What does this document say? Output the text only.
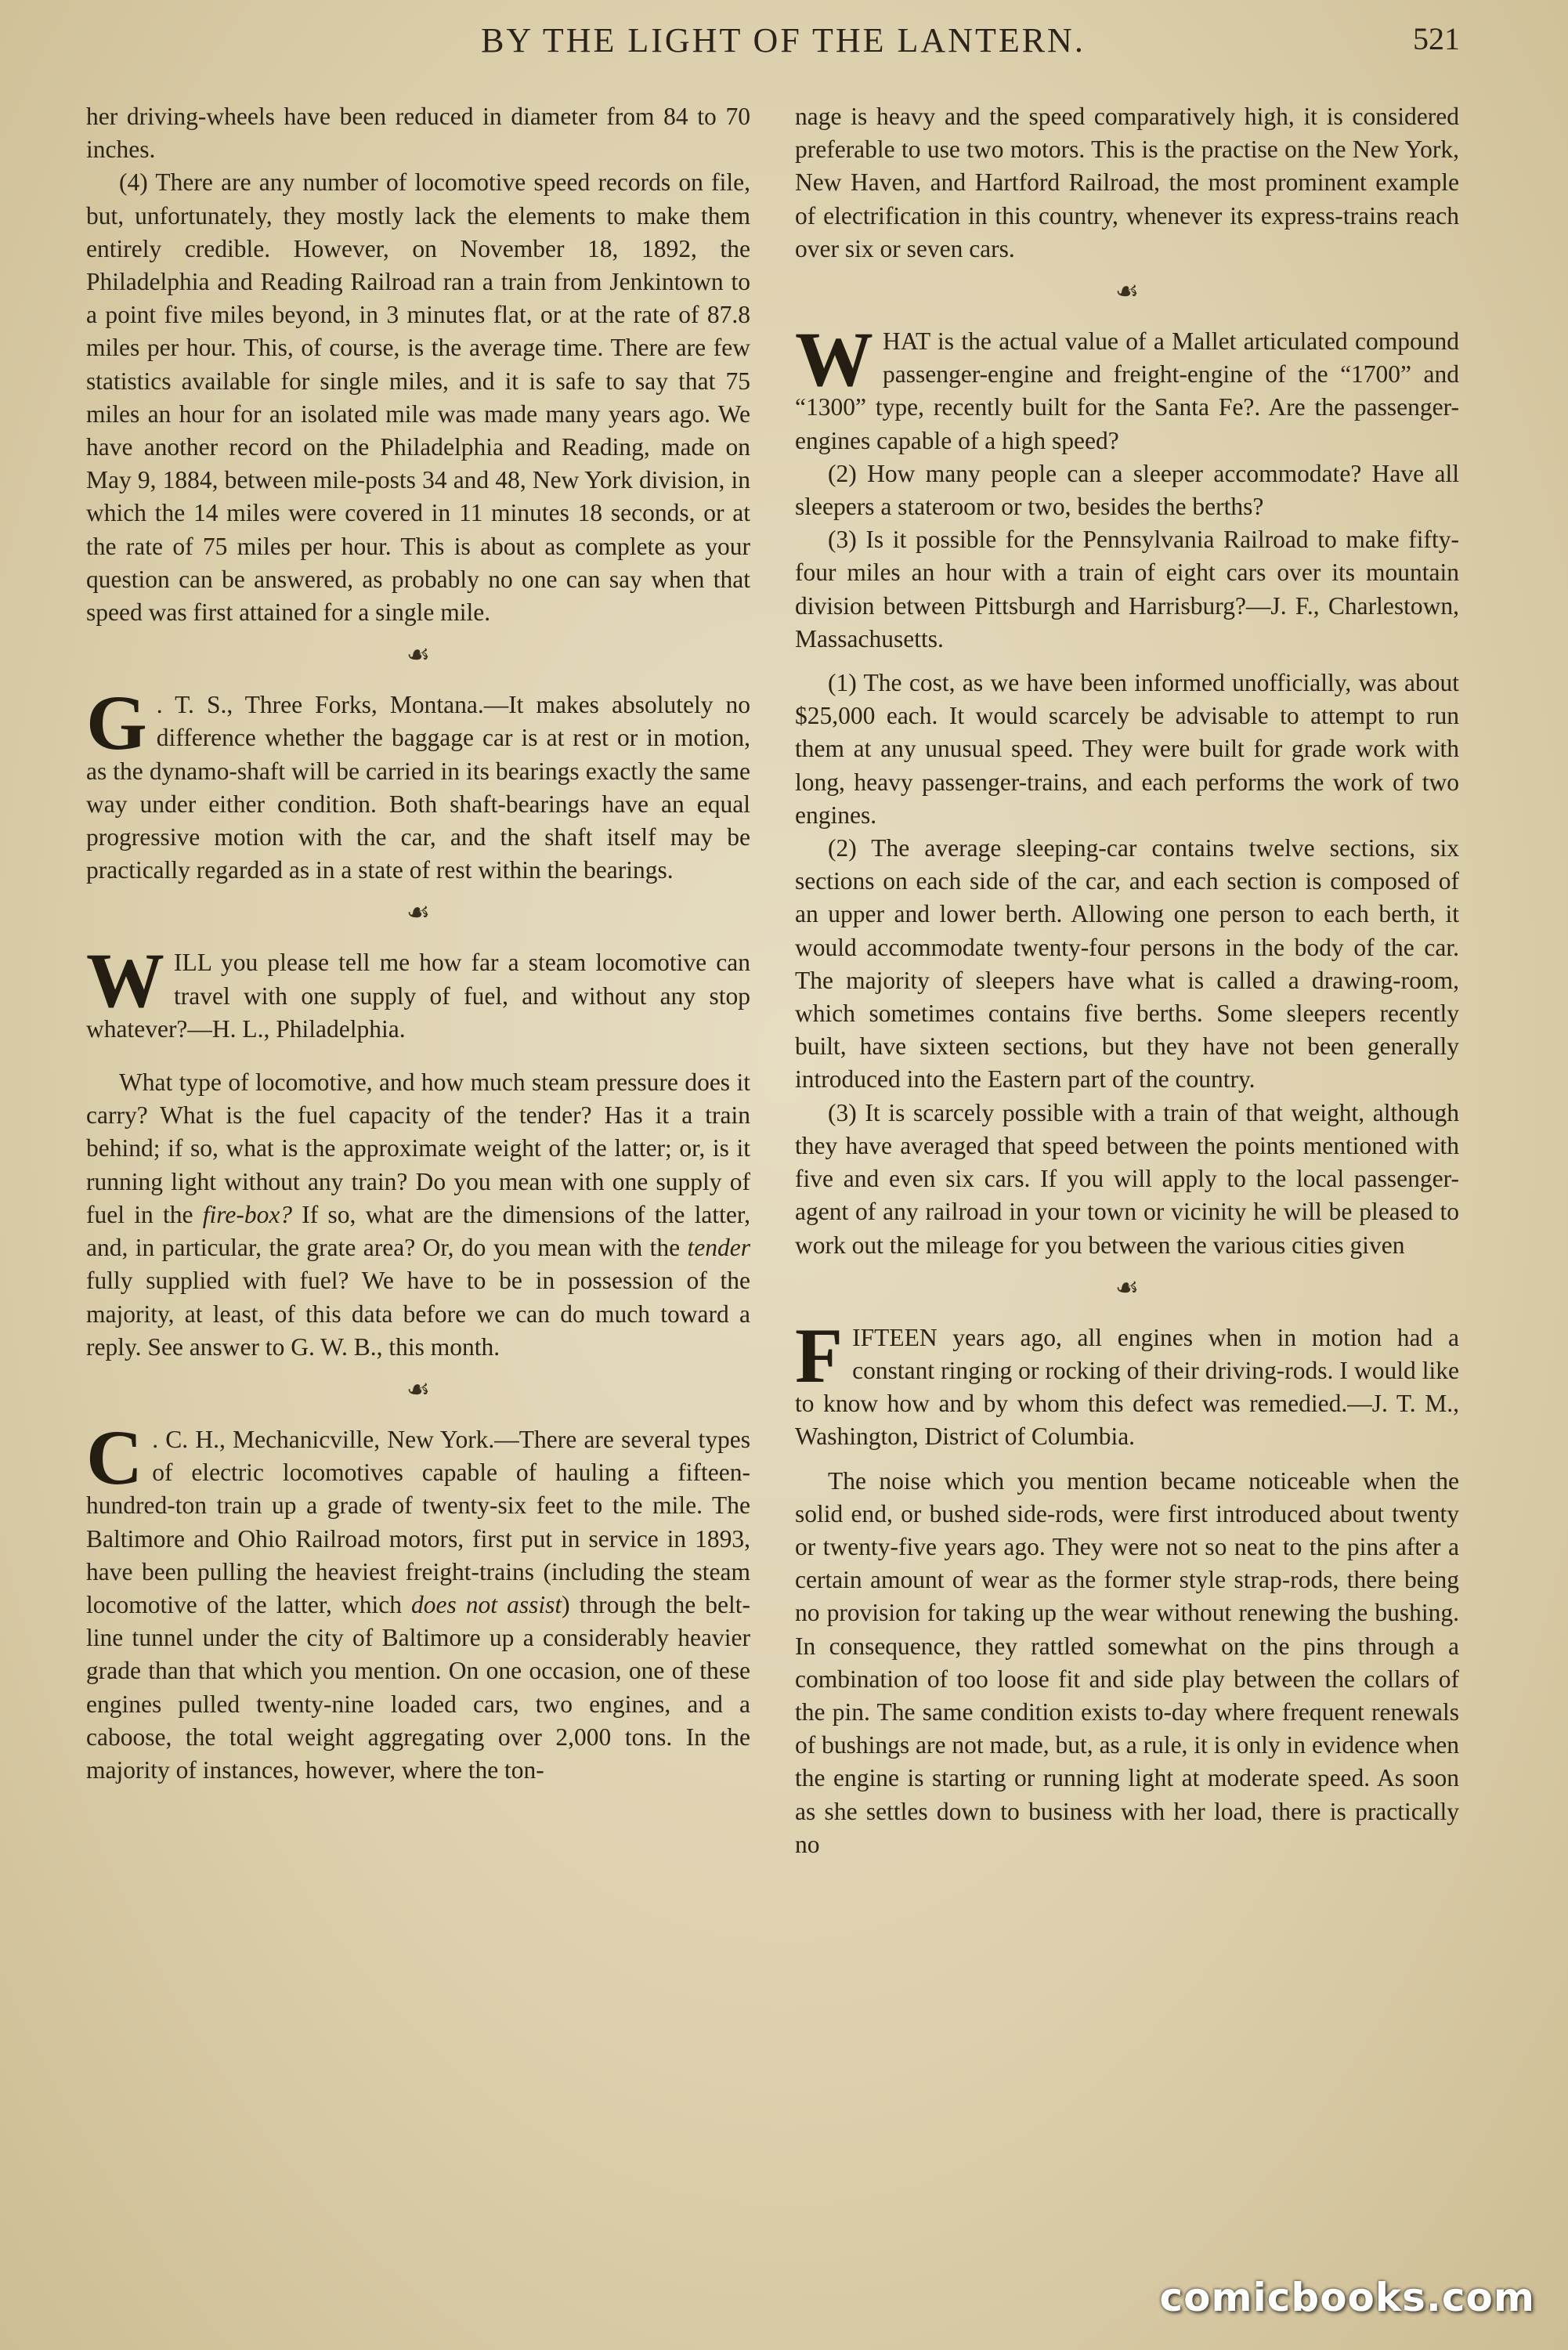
BY THE LIGHT OF THE LANTERN.	521

her driving-wheels have been reduced in diameter from 84 to 70 inches.

(4) There are any number of locomotive speed records on file, but, unfortunately, they mostly lack the elements to make them entirely credible. However, on November 18, 1892, the Philadelphia and Reading Railroad ran a train from Jenkintown to a point five miles beyond, in 3 minutes flat, or at the rate of 87.8 miles per hour. This, of course, is the average time. There are few statistics available for single miles, and it is safe to say that 75 miles an hour for an isolated mile was made many years ago. We have another record on the Philadelphia and Reading, made on May 9, 1884, between mile-posts 34 and 48, New York division, in which the 14 miles were covered in 11 minutes 18 seconds, or at the rate of 75 miles per hour. This is about as complete as your question can be answered, as probably no one can say when that speed was first attained for a single mile.

☙

G . T. S., Three Forks, Montana.—It makes absolutely no difference whether the baggage car is at rest or in motion, as the dynamo-shaft will be carried in its bearings exactly the same way under either condition. Both shaft-bearings have an equal progressive motion with the car, and the shaft itself may be practically regarded as in a state of rest within the bearings.

☙

WILL you please tell me how far a steam locomotive can travel with one supply of fuel, and without any stop whatever?—H. L., Philadelphia.

What type of locomotive, and how much steam pressure does it carry? What is the fuel capacity of the tender? Has it a train behind; if so, what is the approximate weight of the latter; or, is it running light without any train? Do you mean with one supply of fuel in the fire-box? If so, what are the dimensions of the latter, and, in particular, the grate area? Or, do you mean with the tender fully supplied with fuel? We have to be in possession of the majority, at least, of this data before we can do much toward a reply. See answer to G. W. B., this month.

☙

C . C. H., Mechanicville, New York.—There are several types of electric locomotives capable of hauling a fifteen-hundred-ton train up a grade of twenty-six feet to the mile. The Baltimore and Ohio Railroad motors, first put in service in 1893, have been pulling the heaviest freight-trains (including the steam locomotive of the latter, which does not assist) through the belt-line tunnel under the city of Baltimore up a considerably heavier grade than that which you mention. On one occasion, one of these engines pulled twenty-nine loaded cars, two engines, and a caboose, the total weight aggregating over 2,000 tons. In the majority of instances, however, where the ton-

nage is heavy and the speed comparatively high, it is considered preferable to use two motors. This is the practise on the New York, New Haven, and Hartford Railroad, the most prominent example of electrification in this country, whenever its express-trains reach over six or seven cars.

☙

WHAT is the actual value of a Mallet articulated compound passenger-engine and freight-engine of the “1700” and “1300” type, recently built for the Santa Fe?. Are the passenger-engines capable of a high speed?

(2) How many people can a sleeper accommodate? Have all sleepers a stateroom or two, besides the berths?

(3) Is it possible for the Pennsylvania Railroad to make fifty-four miles an hour with a train of eight cars over its mountain division between Pittsburgh and Harrisburg?—J. F., Charlestown, Massachusetts.

(1) The cost, as we have been informed unofficially, was about $25,000 each. It would scarcely be advisable to attempt to run them at any unusual speed. They were built for grade work with long, heavy passenger-trains, and each performs the work of two engines.

(2) The average sleeping-car contains twelve sections, six sections on each side of the car, and each section is composed of an upper and lower berth. Allowing one person to each berth, it would accommodate twenty-four persons in the body of the car. The majority of sleepers have what is called a drawing-room, which sometimes contains five berths. Some sleepers recently built, have sixteen sections, but they have not been generally introduced into the Eastern part of the country.

(3) It is scarcely possible with a train of that weight, although they have averaged that speed between the points mentioned with five and even six cars. If you will apply to the local passenger-agent of any railroad in your town or vicinity he will be pleased to work out the mileage for you between the various cities given

☙

FIFTEEN years ago, all engines when in motion had a constant ringing or rocking of their driving-rods. I would like to know how and by whom this defect was remedied.—J. T. M., Washington, District of Columbia.

The noise which you mention became noticeable when the solid end, or bushed side-rods, were first introduced about twenty or twenty-five years ago. They were not so neat to the pins after a certain amount of wear as the former style strap-rods, there being no provision for taking up the wear without renewing the bushing. In consequence, they rattled somewhat on the pins through a combination of too loose fit and side play between the collars of the pin. The same condition exists to-day where frequent renewals of bushings are not made, but, as a rule, it is only in evidence when the engine is starting or running light at moderate speed. As soon as she settles down to business with her load, there is practically no

comicbooks.com
